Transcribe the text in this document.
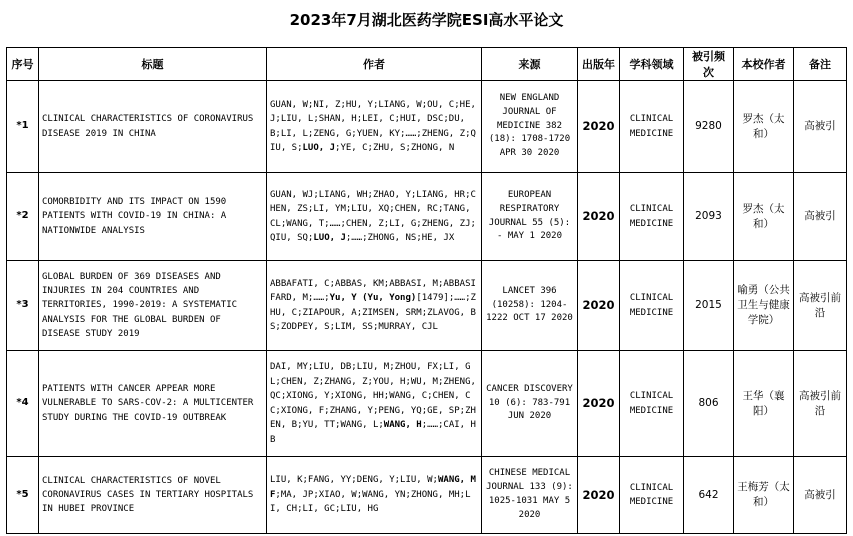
2023年7月湖北医药学院ESI高水平论文
序号	标题	作者	来源	出版年	学科领域	被引频次	本校作者	备注
*1	CLINICAL CHARACTERISTICS OF CORONAVIRUS DISEASE 2019 IN CHINA	GUAN, W;NI, Z;HU, Y;LIANG, W;OU, C;HE, J;LIU, L;SHAN, H;LEI, C;HUI, DSC;DU, B;LI, L;ZENG, G;YUEN, KY;……;ZHENG, Z;QIU, S;LUO, J;YE, C;ZHU, S;ZHONG, N	NEW ENGLAND JOURNAL OF MEDICINE 382 (18): 1708-1720 APR 30 2020	2020	CLINICAL MEDICINE	9280	罗杰（太和）	高被引
*2	COMORBIDITY AND ITS IMPACT ON 1590 PATIENTS WITH COVID-19 IN CHINA: A NATIONWIDE ANALYSIS	GUAN, WJ;LIANG, WH;ZHAO, Y;LIANG, HR;CHEN, ZS;LI, YM;LIU, XQ;CHEN, RC;TANG, CL;WANG, T;……;CHEN, Z;LI, G;ZHENG, ZJ;QIU, SQ;LUO, J;……;ZHONG, NS;HE, JX	EUROPEAN RESPIRATORY JOURNAL 55 (5): - MAY 1 2020	2020	CLINICAL MEDICINE	2093	罗杰（太和）	高被引
*3	GLOBAL BURDEN OF 369 DISEASES AND INJURIES IN 204 COUNTRIES AND TERRITORIES, 1990-2019: A SYSTEMATIC ANALYSIS FOR THE GLOBAL BURDEN OF DISEASE STUDY 2019	ABBAFATI, C;ABBAS, KM;ABBASI, M;ABBASIFARD, M;……;Yu, Y (Yu, Yong)[1479];……;ZHU, C;ZIAPOUR, A;ZIMSEN, SRM;ZLAVOG, BS;ZODPEY, S;LIM, SS;MURRAY, CJL	LANCET 396 (10258): 1204-1222 OCT 17 2020	2020	CLINICAL MEDICINE	2015	喻勇（公共卫生与健康学院）	高被引前沿
*4	PATIENTS WITH CANCER APPEAR MORE VULNERABLE TO SARS-COV-2: A MULTICENTER STUDY DURING THE COVID-19 OUTBREAK	DAI, MY;LIU, DB;LIU, M;ZHOU, FX;LI, GL;CHEN, Z;ZHANG, Z;YOU, H;WU, M;ZHENG, QC;XIONG, Y;XIONG, HH;WANG, C;CHEN, CC;XIONG, F;ZHANG, Y;PENG, YQ;GE, SP;ZHEN, B;YU, TT;WANG, L;WANG, H;……;CAI, HB	CANCER DISCOVERY 10 (6): 783-791 JUN 2020	2020	CLINICAL MEDICINE	806	王华（襄阳）	高被引前沿
*5	CLINICAL CHARACTERISTICS OF NOVEL CORONAVIRUS CASES IN TERTIARY HOSPITALS IN HUBEI PROVINCE	LIU, K;FANG, YY;DENG, Y;LIU, W;WANG, MF;MA, JP;XIAO, W;WANG, YN;ZHONG, MH;LI, CH;LI, GC;LIU, HG	CHINESE MEDICAL JOURNAL 133 (9): 1025-1031 MAY 5 2020	2020	CLINICAL MEDICINE	642	王梅芳（太和）	高被引
